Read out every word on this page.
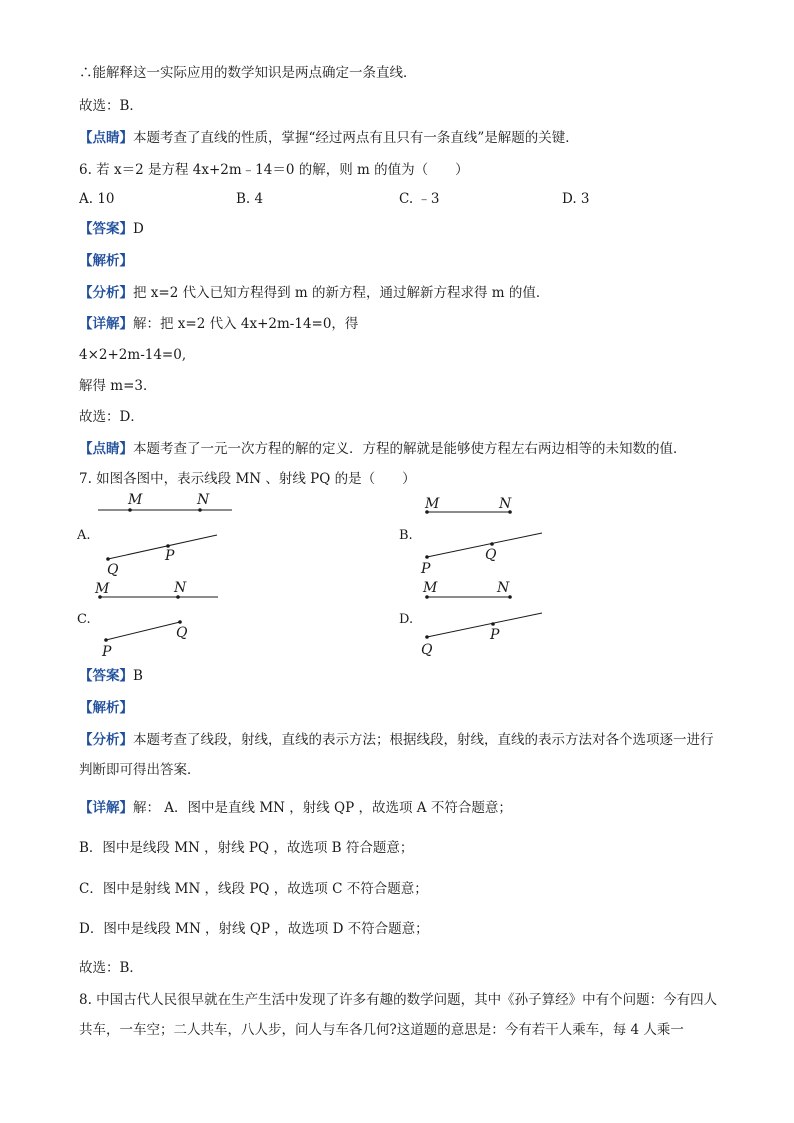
∴能解释这一实际应用的数学知识是两点确定一条直线．
故选：B．
【点睛】本题考查了直线的性质，掌握“经过两点有且只有一条直线”是解题的关键．
6. 若 x＝2 是方程 4x+2m﹣14＝0 的解，则 m 的值为（　　）
A. 10	B. 4	C. ﹣3	D. 3
【答案】D
【解析】
【分析】把 x=2 代入已知方程得到 m 的新方程，通过解新方程求得 m 的值．
【详解】解：把 x=2 代入 4x+2m-14=0，得
4×2+2m-14=0,
解得 m=3．
故选：D．
【点睛】本题考查了一元一次方程的解的定义．方程的解就是能够使方程左右两边相等的未知数的值．
7. 如图各图中，表示线段 MN 、射线 PQ 的是（　　）
A.
M	N
Q
P
B.
M	N
P
Q
C.
M	N
P
Q
D.
M	N
Q
P
【答案】B
【解析】
【分析】本题考查了线段，射线，直线的表示方法；根据线段，射线，直线的表示方法对各个选项逐一进行判断即可得出答案．
【详解】解： A．图中是直线 MN ，射线 QP ，故选项 A 不符合题意；
B．图中是线段 MN ，射线 PQ ，故选项 B 符合题意；
C．图中是射线 MN ，线段 PQ ，故选项 C 不符合题意；
D．图中是线段 MN ，射线 QP ，故选项 D 不符合题意；
故选：B．
8. 中国古代人民很早就在生产生活中发现了许多有趣的数学问题，其中《孙子算经》中有个问题：今有四人共车，一车空；二人共车，八人步，问人与车各几何?这道题的意思是：今有若干人乘车，每 4 人乘一
